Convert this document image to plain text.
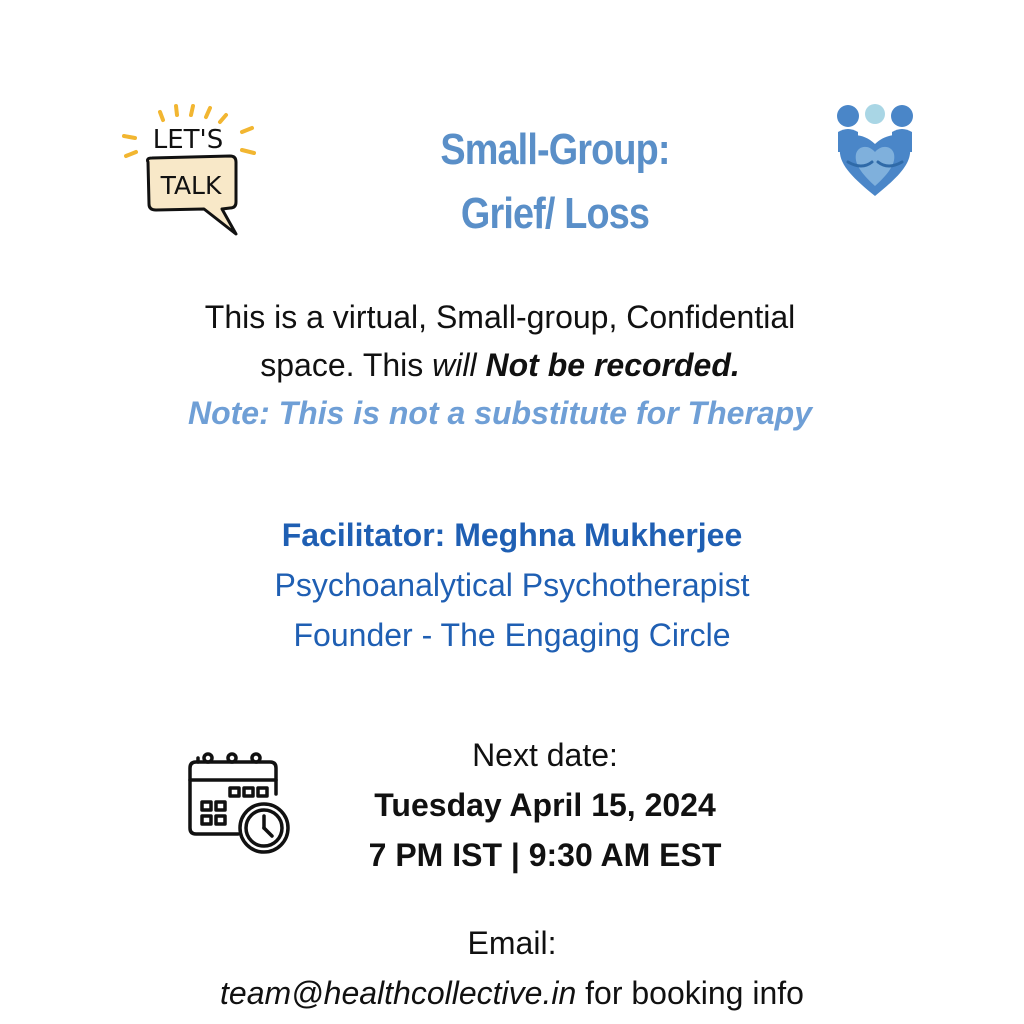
LET'S
TALK
Small-Group:
Grief/ Loss
This is a virtual, Small-group, Confidential
space. This will Not be recorded.
Note: This is not a substitute for Therapy
Facilitator: Meghna Mukherjee
Psychoanalytical Psychotherapist
Founder - The Engaging Circle
Next date:
Tuesday April 15, 2024
7 PM IST | 9:30 AM EST
Email:
team@healthcollective.in for booking info
